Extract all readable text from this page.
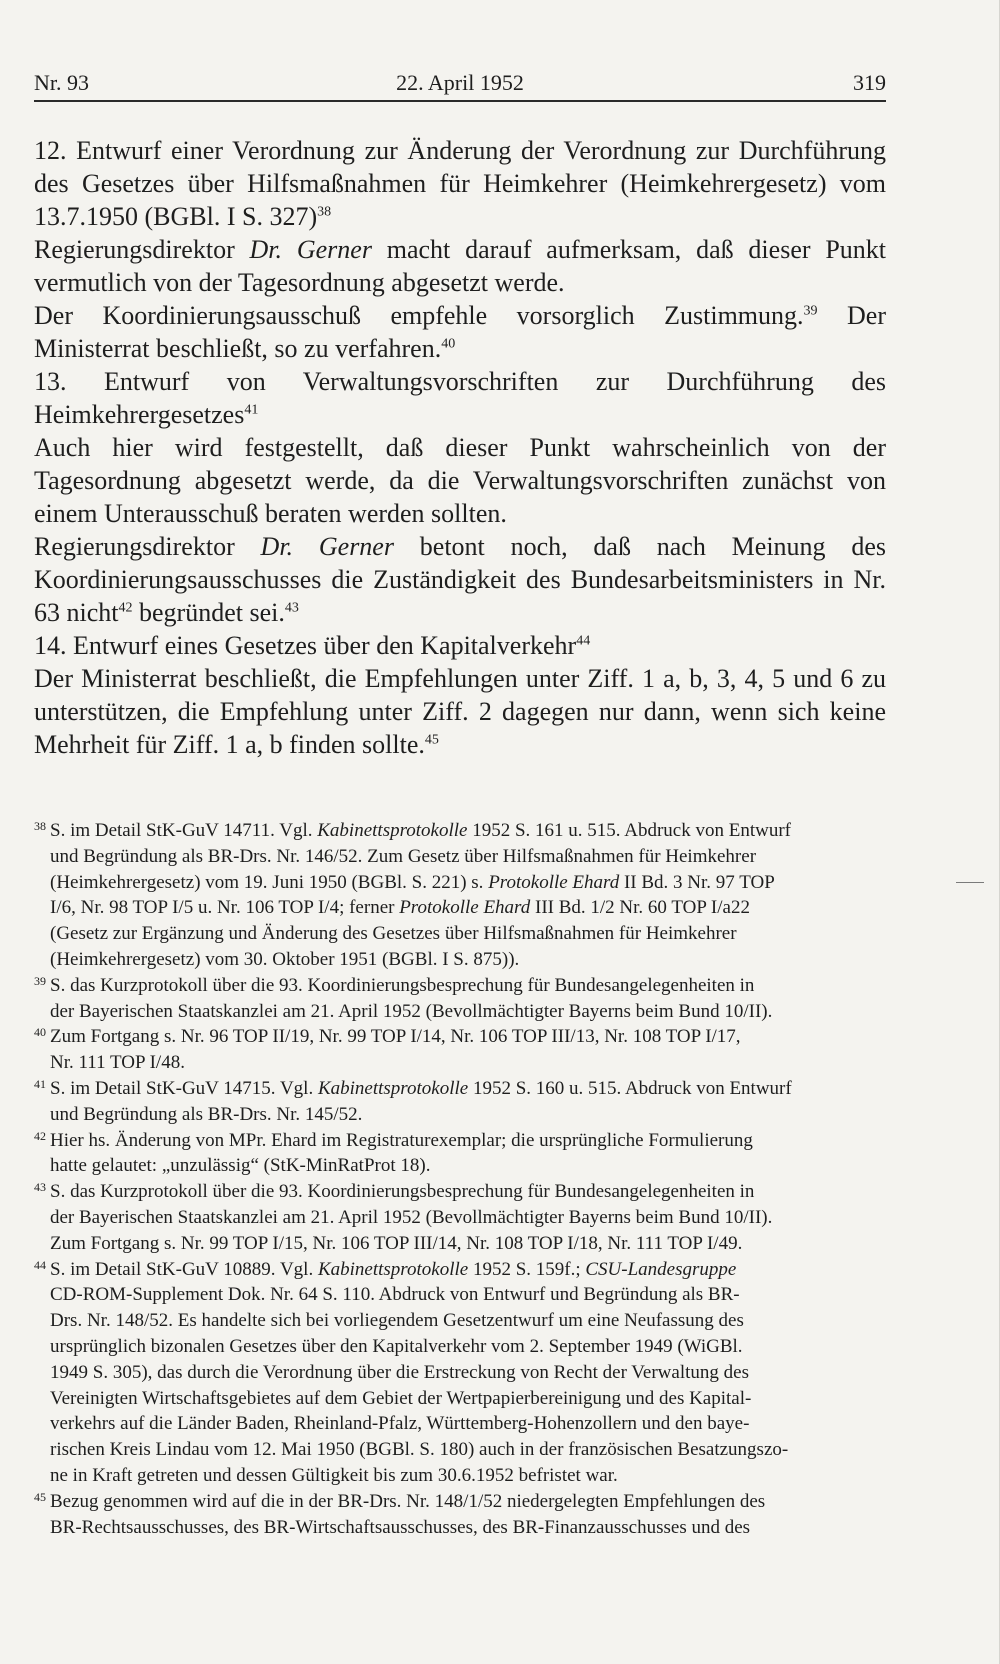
Nr. 93	22. April 1952	319

12. Entwurf einer Verordnung zur Änderung der Verordnung zur Durchführung des Gesetzes über Hilfsmaßnahmen für Heimkehrer (Heimkehrergesetz) vom 13.7.1950 (BGBl. I S. 327)$^{38}$

Regierungsdirektor Dr. Gerner macht darauf aufmerksam, daß dieser Punkt vermutlich von der Tagesordnung abgesetzt werde.

Der Koordinierungsausschuß empfehle vorsorglich Zustimmung.$^{39}$ Der Ministerrat beschließt, so zu verfahren.$^{40}$

13. Entwurf von Verwaltungsvorschriften zur Durchführung des Heimkehrergesetzes$^{41}$

Auch hier wird festgestellt, daß dieser Punkt wahrscheinlich von der Tagesordnung abgesetzt werde, da die Verwaltungsvorschriften zunächst von einem Unterausschuß beraten werden sollten.

Regierungsdirektor Dr. Gerner betont noch, daß nach Meinung des Koordinierungsausschusses die Zuständigkeit des Bundesarbeitsministers in Nr. 63 nicht$^{42}$ begründet sei.$^{43}$

14. Entwurf eines Gesetzes über den Kapitalverkehr$^{44}$

Der Ministerrat beschließt, die Empfehlungen unter Ziff. 1 a, b, 3, 4, 5 und 6 zu unterstützen, die Empfehlung unter Ziff. 2 dagegen nur dann, wenn sich keine Mehrheit für Ziff. 1 a, b finden sollte.$^{45}$

38 S. im Detail StK-GuV 14711. Vgl. Kabinettsprotokolle 1952 S. 161 u. 515. Abdruck von Entwurf
und Begründung als BR-Drs. Nr. 146/52. Zum Gesetz über Hilfsmaßnahmen für Heimkehrer
(Heimkehrergesetz) vom 19. Juni 1950 (BGBl. S. 221) s. Protokolle Ehard II Bd. 3 Nr. 97 TOP
I/6, Nr. 98 TOP I/5 u. Nr. 106 TOP I/4; ferner Protokolle Ehard III Bd. 1/2 Nr. 60 TOP I/a22
(Gesetz zur Ergänzung und Änderung des Gesetzes über Hilfsmaßnahmen für Heimkehrer
(Heimkehrergesetz) vom 30. Oktober 1951 (BGBl. I S. 875)).
39 S. das Kurzprotokoll über die 93. Koordinierungsbesprechung für Bundesangelegenheiten in
der Bayerischen Staatskanzlei am 21. April 1952 (Bevollmächtigter Bayerns beim Bund 10/II).
40 Zum Fortgang s. Nr. 96 TOP II/19, Nr. 99 TOP I/14, Nr. 106 TOP III/13, Nr. 108 TOP I/17,
Nr. 111 TOP I/48.
41 S. im Detail StK-GuV 14715. Vgl. Kabinettsprotokolle 1952 S. 160 u. 515. Abdruck von Entwurf
und Begründung als BR-Drs. Nr. 145/52.
42 Hier hs. Änderung von MPr. Ehard im Registraturexemplar; die ursprüngliche Formulierung
hatte gelautet: „unzulässig“ (StK-MinRatProt 18).
43 S. das Kurzprotokoll über die 93. Koordinierungsbesprechung für Bundesangelegenheiten in
der Bayerischen Staatskanzlei am 21. April 1952 (Bevollmächtigter Bayerns beim Bund 10/II).
Zum Fortgang s. Nr. 99 TOP I/15, Nr. 106 TOP III/14, Nr. 108 TOP I/18, Nr. 111 TOP I/49.
44 S. im Detail StK-GuV 10889. Vgl. Kabinettsprotokolle 1952 S. 159f.; CSU-Landesgruppe
CD-ROM-Supplement Dok. Nr. 64 S. 110. Abdruck von Entwurf und Begründung als BR-
Drs. Nr. 148/52. Es handelte sich bei vorliegendem Gesetzentwurf um eine Neufassung des
ursprünglich bizonalen Gesetzes über den Kapitalverkehr vom 2. September 1949 (WiGBl.
1949 S. 305), das durch die Verordnung über die Erstreckung von Recht der Verwaltung des
Vereinigten Wirtschaftsgebietes auf dem Gebiet der Wertpapierbereinigung und des Kapital-
verkehrs auf die Länder Baden, Rheinland-Pfalz, Württemberg-Hohenzollern und den baye-
rischen Kreis Lindau vom 12. Mai 1950 (BGBl. S. 180) auch in der französischen Besatzungszo-
ne in Kraft getreten und dessen Gültigkeit bis zum 30.6.1952 befristet war.
45 Bezug genommen wird auf die in der BR-Drs. Nr. 148/1/52 niedergelegten Empfehlungen des
BR-Rechtsausschusses, des BR-Wirtschaftsausschusses, des BR-Finanzausschusses und des
